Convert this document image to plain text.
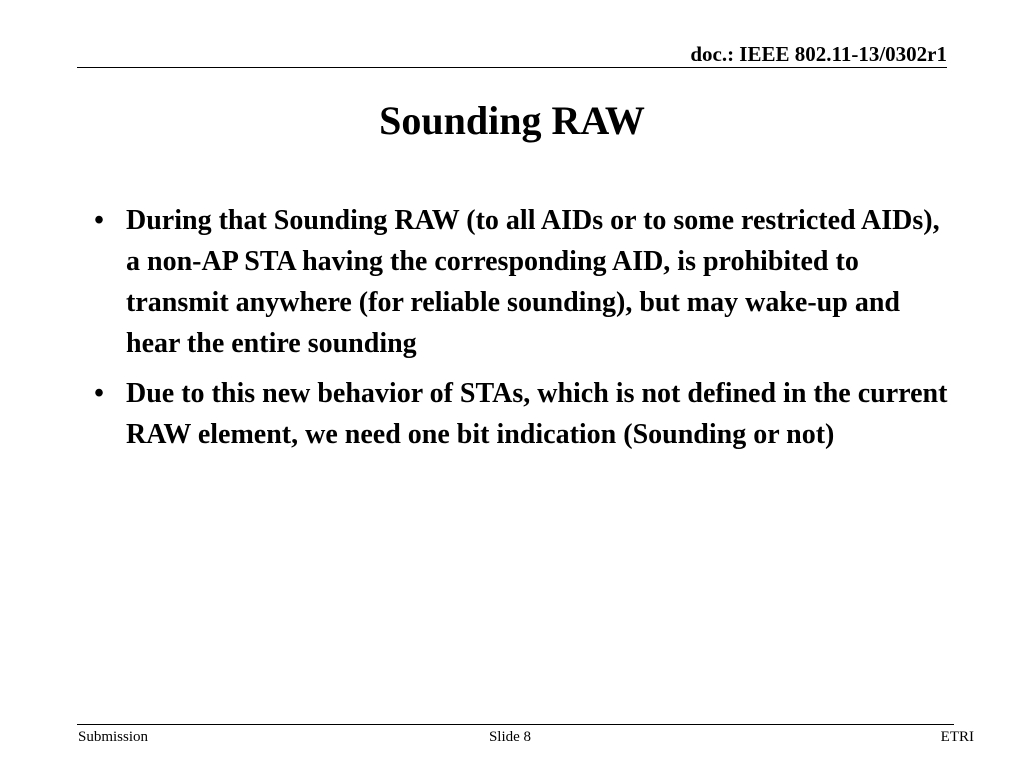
doc.: IEEE 802.11-13/0302r1
Sounding RAW
• During that Sounding RAW (to all AIDs or to some restricted AIDs), a non-AP STA having the corresponding AID, is prohibited to transmit anywhere (for reliable sounding), but may wake-up and hear the entire sounding
• Due to this new behavior of STAs, which is not defined in the current RAW element, we need one bit indication (Sounding or not)
Submission	Slide 8	ETRI
